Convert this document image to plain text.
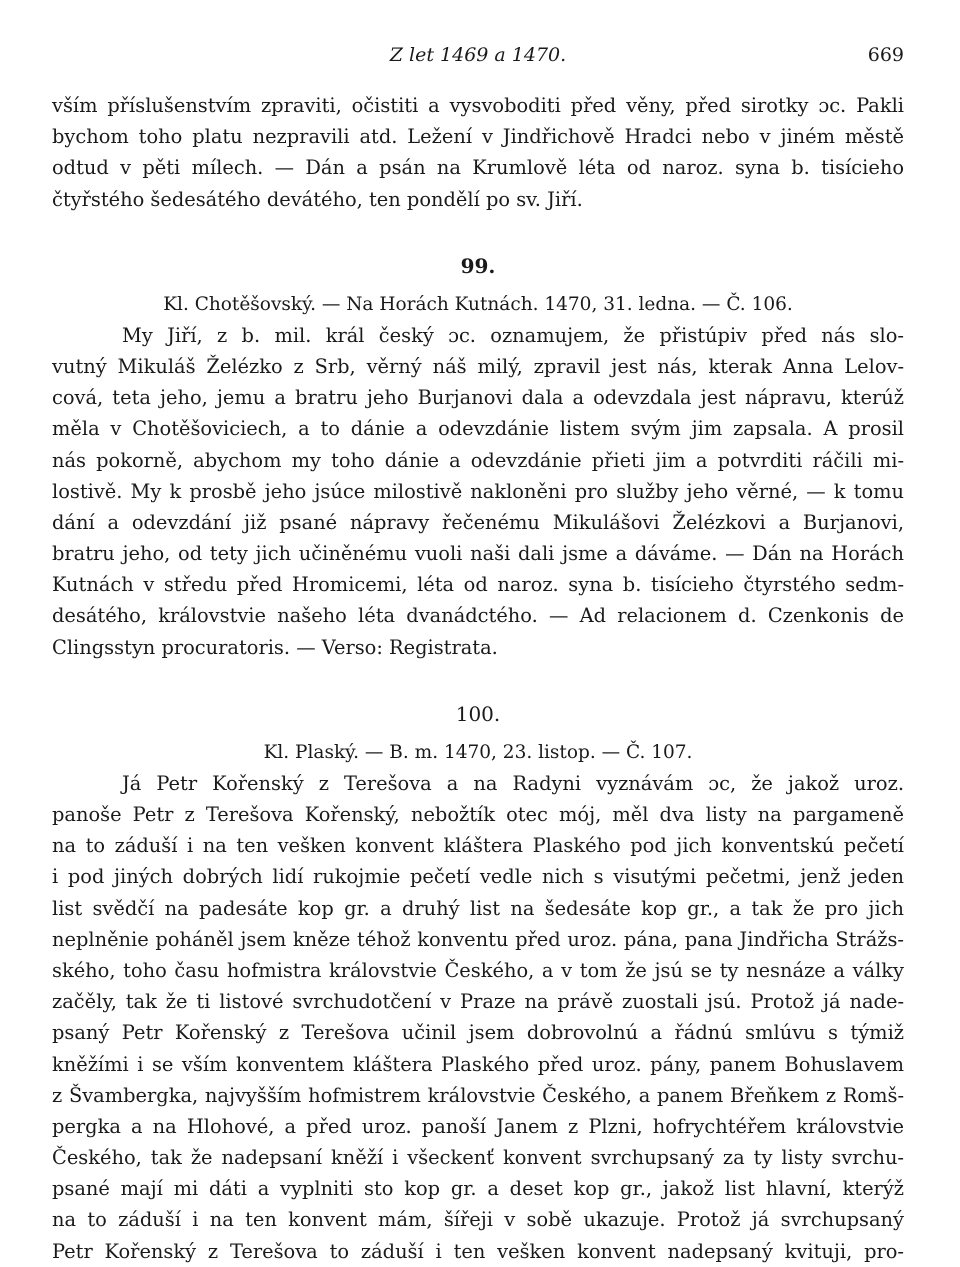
Z let 1469 a 1470.	669

vším příslušenstvím zpraviti, očistiti a vysvoboditi před věny, před sirotky ɔc. Pakli

bychom toho platu nezpravili atd. Ležení v Jindřichově Hradci nebo v jiném městě

odtud v pěti mílech. — Dán a psán na Krumlově léta od naroz. syna b. tisícieho

čtyřstého šedesátého devátého, ten pondělí po sv. Jiří.

99.

Kl. Chotěšovský. — Na Horách Kutnách. 1470, 31. ledna. — Č. 106.

My Jiří, z b. mil. král český ɔc. oznamujem, že přistúpiv před nás slo-

vutný Mikuláš Želézko z Srb, věrný náš milý, zpravil jest nás, kterak Anna Lelov-

cová, teta jeho, jemu a bratru jeho Burjanovi dala a odevzdala jest nápravu, kterúž

měla v Chotěšoviciech, a to dánie a odevzdánie listem svým jim zapsala. A prosil

nás pokorně, abychom my toho dánie a odevzdánie přieti jim a potvrditi ráčili mi-

lostivě. My k prosbě jeho jsúce milostivě nakloněni pro služby jeho věrné, — k tomu

dání a odevzdání již psané nápravy řečenému Mikulášovi Želézkovi a Burjanovi,

bratru jeho, od tety jich učiněnému vuoli naši dali jsme a dáváme. — Dán na Horách

Kutnách v středu před Hromicemi, léta od naroz. syna b. tisícieho čtyrstého sedm-

desátého, královstvie našeho léta dvanádctého. — Ad relacionem d. Czenkonis de

Clingsstyn procuratoris. — Verso: Registrata.

100.

Kl. Plaský. — B. m. 1470, 23. listop. — Č. 107.

Já Petr Kořenský z Terešova a na Radyni vyznávám ɔc, že jakož uroz.

panoše Petr z Terešova Kořenský, nebožtík otec mój, měl dva listy na pargameně

na to záduší i na ten vešken konvent kláštera Plaského pod jich konventskú pečetí

i pod jiných dobrých lidí rukojmie pečetí vedle nich s visutými pečetmi, jenž jeden

list svědčí na padesáte kop gr. a druhý list na šedesáte kop gr., a tak že pro jich

neplněnie poháněl jsem kněze téhož konventu před uroz. pána, pana Jindřicha Strážs-

ského, toho času hofmistra královstvie Českého, a v tom že jsú se ty nesnáze a války

začěly, tak že ti listové svrchudotčení v Praze na právě zuostali jsú. Protož já nade-

psaný Petr Kořenský z Terešova učinil jsem dobrovolnú a řádnú smlúvu s týmiž

kněžími i se vším konventem kláštera Plaského před uroz. pány, panem Bohuslavem

z Švambergka, najvyšším hofmistrem královstvie Českého, a panem Břeňkem z Romš-

pergka a na Hlohové, a před uroz. panoší Janem z Plzni, hofrychtéřem královstvie

Českého, tak že nadepsaní kněží i všeckenť konvent svrchupsaný za ty listy svrchu-

psané mají mi dáti a vyplniti sto kop gr. a deset kop gr., jakož list hlavní, kterýž

na to záduší i na ten konvent mám, šířeji v sobě ukazuje. Protož já svrchupsaný

Petr Kořenský z Terešova to záduší i ten vešken konvent nadepsaný kvituji, pro-
